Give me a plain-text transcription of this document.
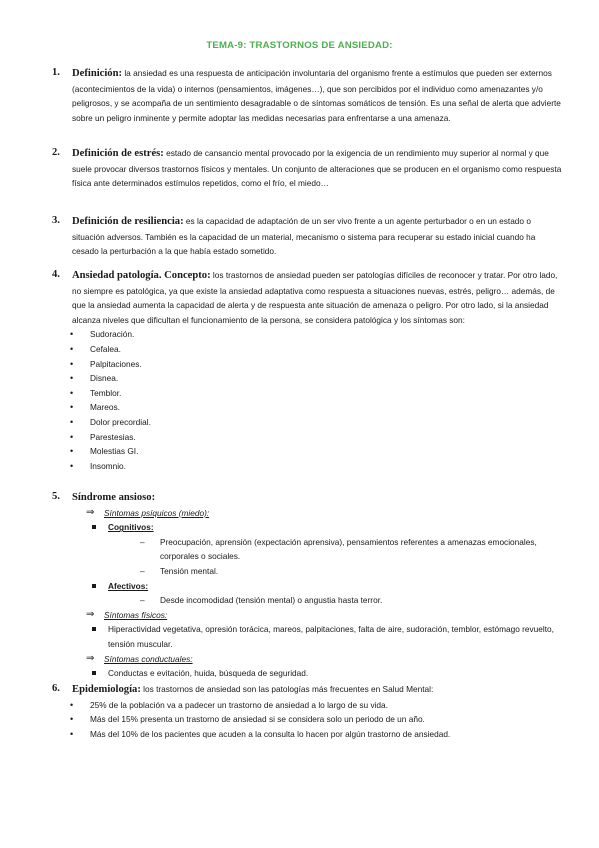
TEMA-9: TRASTORNOS DE ANSIEDAD:
1. Definición: la ansiedad es una respuesta de anticipación involuntaria del organismo frente a estímulos que pueden ser externos (acontecimientos de la vida) o internos (pensamientos, imágenes…), que son percibidos por el individuo como amenazantes y/o peligrosos, y se acompaña de un sentimiento desagradable o de síntomas somáticos de tensión. Es una señal de alerta que advierte sobre un peligro inminente y permite adoptar las medidas necesarias para enfrentarse a una amenaza.
2. Definición de estrés: estado de cansancio mental provocado por la exigencia de un rendimiento muy superior al normal y que suele provocar diversos trastornos físicos y mentales. Un conjunto de alteraciones que se producen en el organismo como respuesta física ante determinados estímulos repetidos, como el frío, el miedo…
3. Definición de resiliencia: es la capacidad de adaptación de un ser vivo frente a un agente perturbador o en un estado o situación adversos. También es la capacidad de un material, mecanismo o sistema para recuperar su estado inicial cuando ha cesado la perturbación a la que había estado sometido.
4. Ansiedad patología. Concepto: los trastornos de ansiedad pueden ser patologías difíciles de reconocer y tratar. Por otro lado, no siempre es patológica, ya que existe la ansiedad adaptativa como respuesta a situaciones nuevas, estrés, peligro… además, de que la ansiedad aumenta la capacidad de alerta y de respuesta ante situación de amenaza o peligro. Por otro lado, si la ansiedad alcanza niveles que dificultan el funcionamiento de la persona, se considera patológica y los síntomas son:
• Sudoración.
• Cefalea.
• Palpitaciones.
• Disnea.
• Temblor.
• Mareos.
• Dolor precordial.
• Parestesias.
• Molestias GI.
• Insomnio.
5. Síndrome ansioso:
⇒ Síntomas psíquicos (miedo):
Cognitivos:
– Preocupación, aprensión (expectación aprensiva), pensamientos referentes a amenazas emocionales, corporales o sociales.
– Tensión mental.
Afectivos:
– Desde incomodidad (tensión mental) o angustia hasta terror.
⇒ Síntomas físicos:
Hiperactividad vegetativa, opresión torácica, mareos, palpitaciones, falta de aire, sudoración, temblor, estómago revuelto, tensión muscular.
⇒ Síntomas conductuales:
Conductas e evitación, huida, búsqueda de seguridad.
6. Epidemiología: los trastornos de ansiedad son las patologías más frecuentes en Salud Mental:
• 25% de la población va a padecer un trastorno de ansiedad a lo largo de su vida.
• Más del 15% presenta un trastorno de ansiedad si se considera solo un periodo de un año.
• Más del 10% de los pacientes que acuden a la consulta lo hacen por algún trastorno de ansiedad.
